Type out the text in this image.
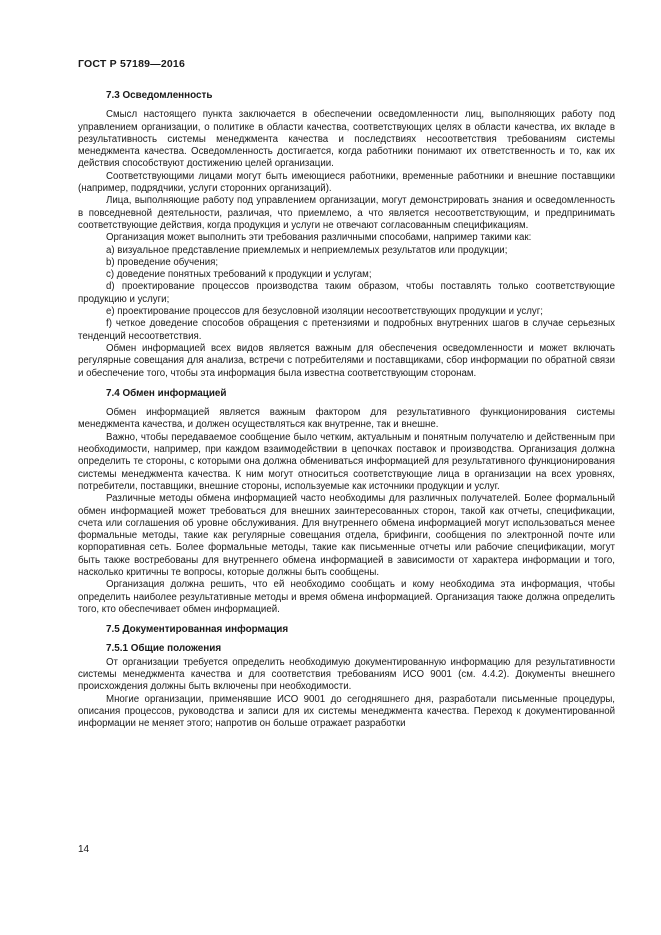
ГОСТ Р 57189—2016
7.3 Осведомленность

Смысл настоящего пункта заключается в обеспечении осведомленности лиц, выполняющих работу под управлением организации, о политике в области качества, соответствующих целях в области качества, их вкладе в результативность системы менеджмента качества и последствиях несоответствия требованиям системы менеджмента качества. Осведомленность достигается, когда работники понимают их ответственность и то, как их действия способствуют достижению целей организации.

Соответствующими лицами могут быть имеющиеся работники, временные работники и внешние поставщики (например, подрядчики, услуги сторонних организаций).

Лица, выполняющие работу под управлением организации, могут демонстрировать знания и осведомленность в повседневной деятельности, различая, что приемлемо, а что является несоответствующим, и предпринимать соответствующие действия, когда продукция и услуги не отвечают согласованным спецификациям.

Организация может выполнить эти требования различными способами, например такими как:

а) визуальное представление приемлемых и неприемлемых результатов или продукции;

b) проведение обучения;

с) доведение понятных требований к продукции и услугам;

d) проектирование процессов производства таким образом, чтобы поставлять только соответствующие продукцию и услуги;

е) проектирование процессов для безусловной изоляции несоответствующих продукции и услуг;

f) четкое доведение способов обращения с претензиями и подробных внутренних шагов в случае серьезных тенденций несоответствия.

Обмен информацией всех видов является важным для обеспечения осведомленности и может включать регулярные совещания для анализа, встречи с потребителями и поставщиками, сбор информации по обратной связи и обеспечение того, чтобы эта информация была известна соответствующим сторонам.

7.4 Обмен информацией

Обмен информацией является важным фактором для результативного функционирования системы менеджмента качества, и должен осуществляться как внутренне, так и внешне.

Важно, чтобы передаваемое сообщение было четким, актуальным и понятным получателю и действенным при необходимости, например, при каждом взаимодействии в цепочках поставок и производства. Организация должна определить те стороны, с которыми она должна обмениваться информацией для результативного функционирования системы менеджмента качества. К ним могут относиться соответствующие лица в организации на всех уровнях, потребители, поставщики, внешние стороны, используемые как источники продукции и услуг.

Различные методы обмена информацией часто необходимы для различных получателей. Более формальный обмен информацией может требоваться для внешних заинтересованных сторон, такой как отчеты, спецификации, счета или соглашения об уровне обслуживания. Для внутреннего обмена информацией могут использоваться менее формальные методы, такие как регулярные совещания отдела, брифинги, сообщения по электронной почте или корпоративная сеть. Более формальные методы, такие как письменные отчеты или рабочие спецификации, могут быть также востребованы для внутреннего обмена информацией в зависимости от характера информации и того, насколько критичны те вопросы, которые должны быть сообщены.

Организация должна решить, что ей необходимо сообщать и кому необходима эта информация, чтобы определить наиболее результативные методы и время обмена информацией. Организация также должна определить того, кто обеспечивает обмен информацией.

7.5 Документированная информация
7.5.1 Общие положения

От организации требуется определить необходимую документированную информацию для результативности системы менеджмента качества и для соответствия требованиям ИСО 9001 (см. 4.4.2). Документы внешнего происхождения должны быть включены при необходимости.

Многие организации, применявшие ИСО 9001 до сегодняшнего дня, разработали письменные процедуры, описания процессов, руководства и записи для их системы менеджмента качества. Переход к документированной информации не меняет этого; напротив он больше отражает разработки

14
